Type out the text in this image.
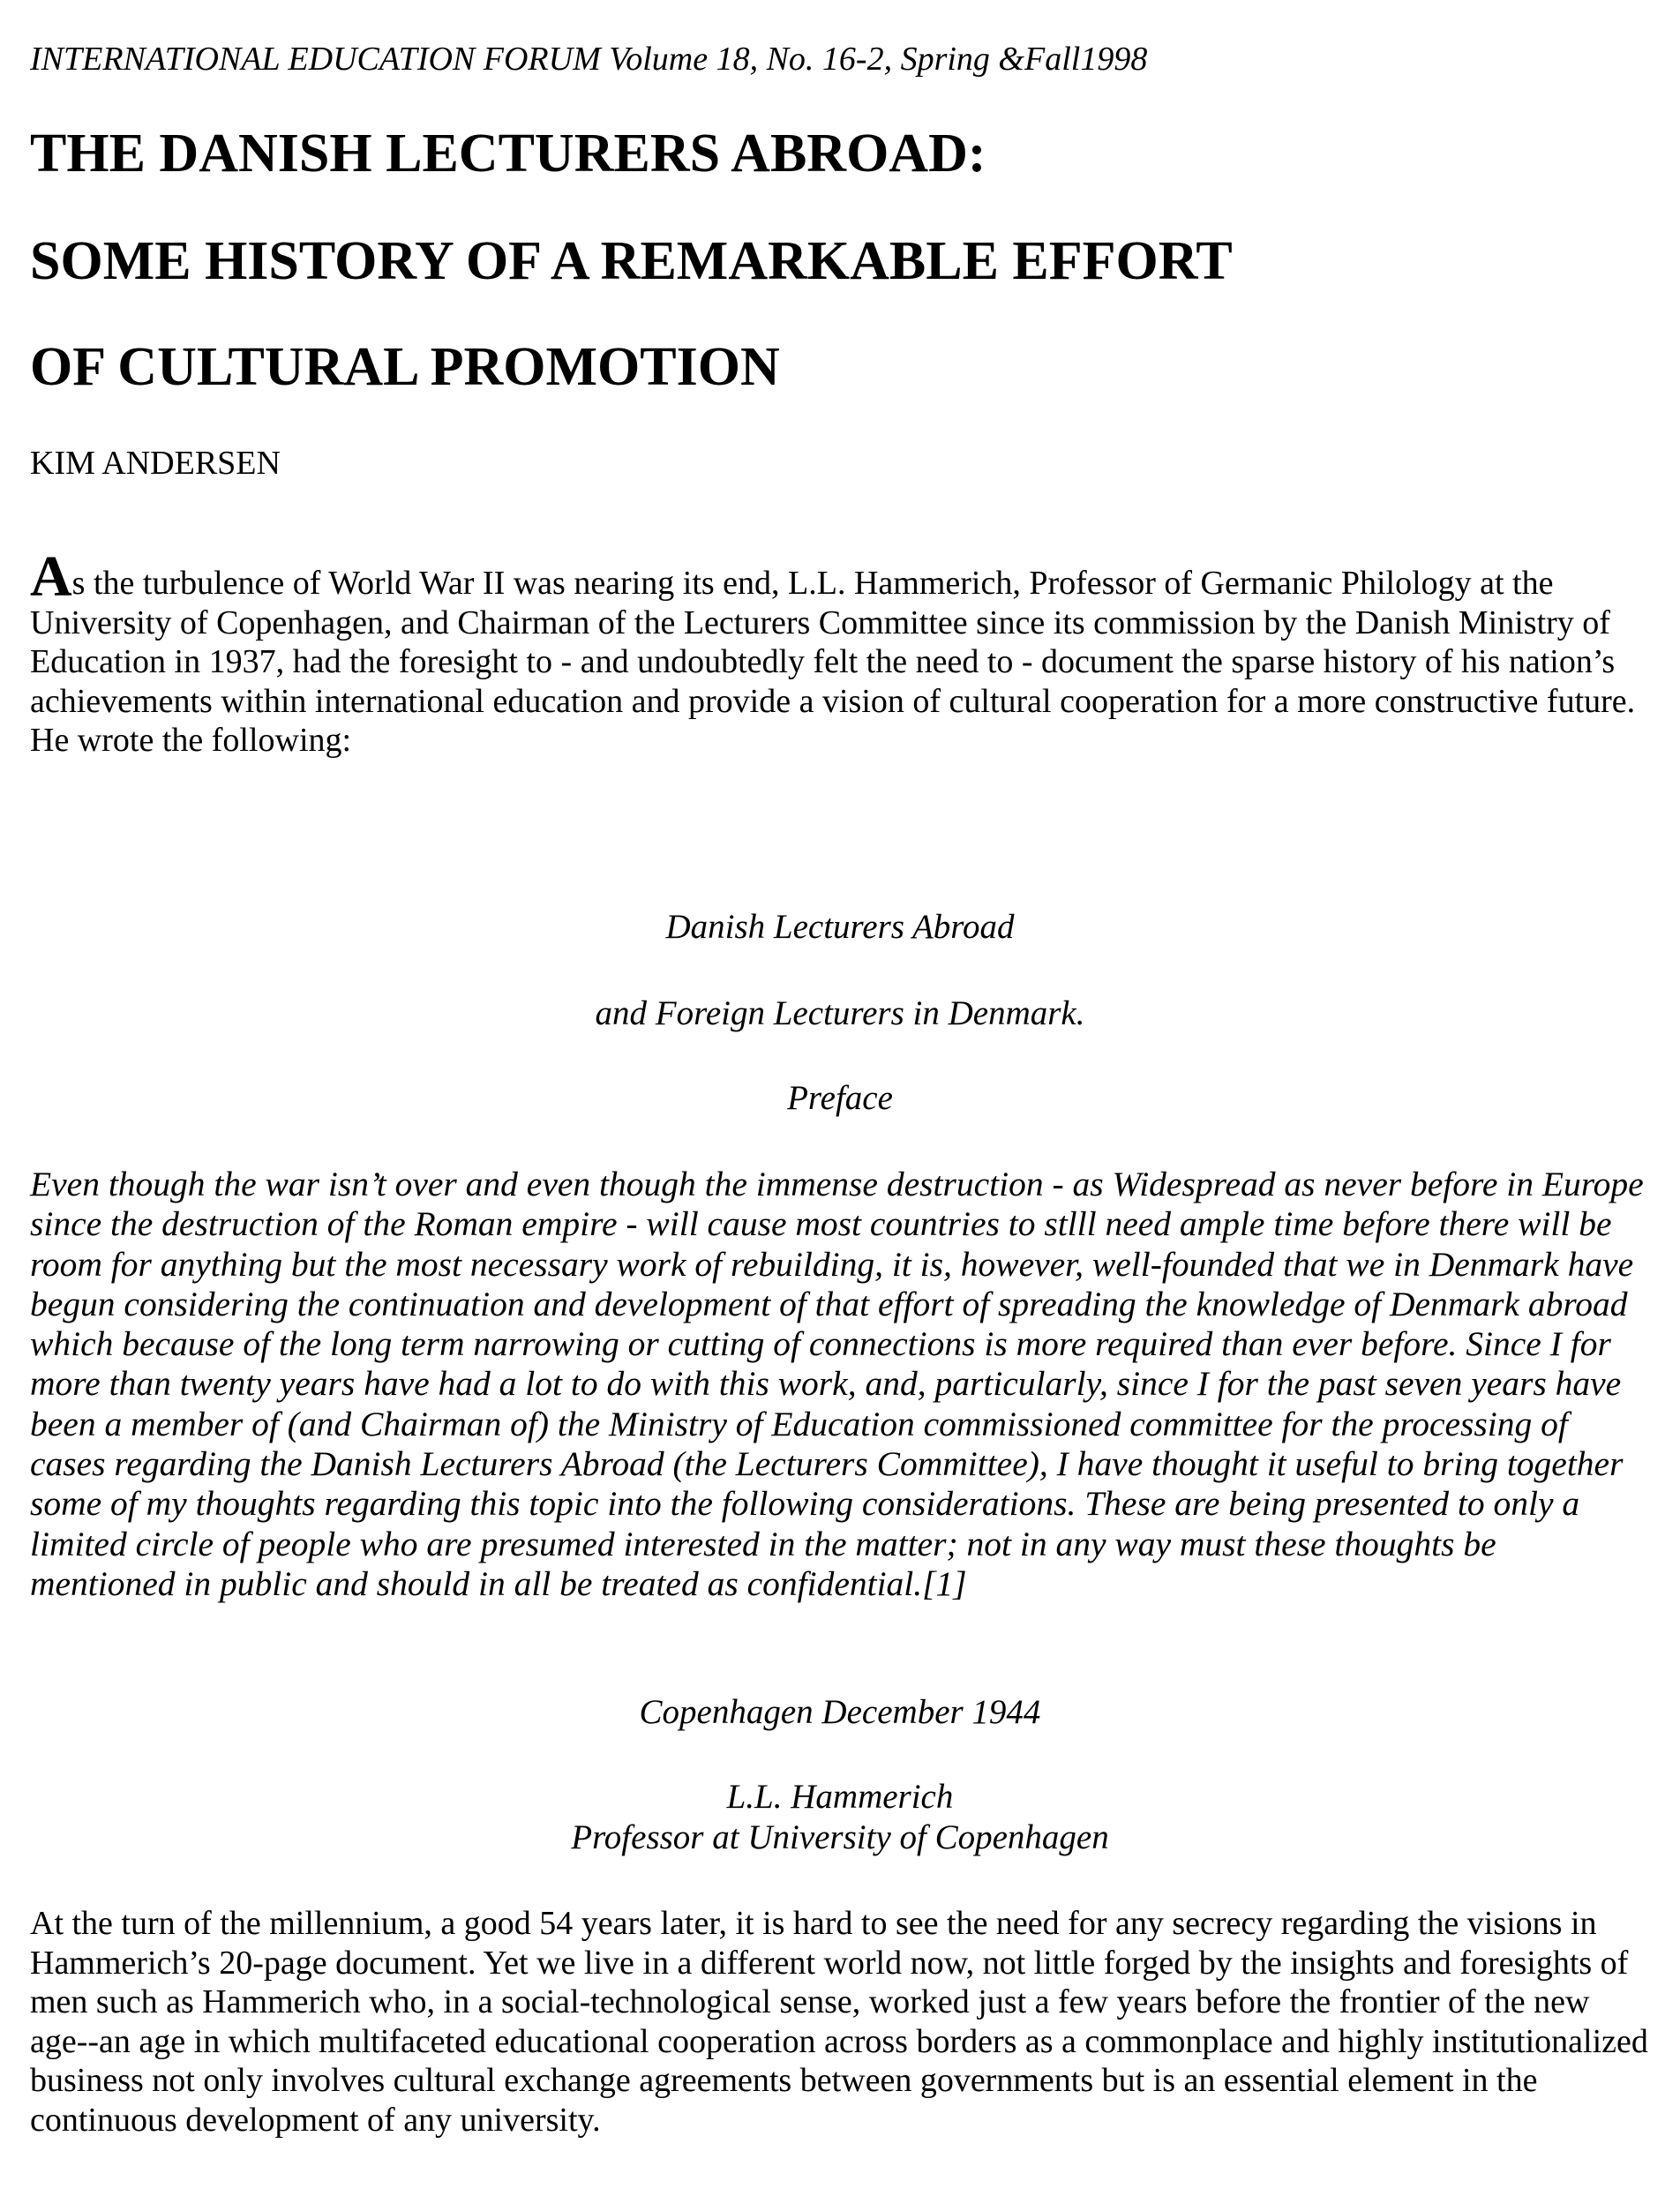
INTERNATIONAL EDUCATION FORUM Volume 18, No. 16-2, Spring &Fall1998
THE DANISH LECTURERS ABROAD:
SOME HISTORY OF A REMARKABLE EFFORT
OF CULTURAL PROMOTION
KIM ANDERSEN
As the turbulence of World War II was nearing its end, L.L. Hammerich, Professor of Germanic Philology at the University of Copenhagen, and Chairman of the Lecturers Committee since its commission by the Danish Ministry of Education in 1937, had the foresight to - and undoubtedly felt the need to - document the sparse history of his nation’s achievements within international education and provide a vision of cultural cooperation for a more constructive future. He wrote the following:
Danish Lecturers Abroad
and Foreign Lecturers in Denmark.
Preface
Even though the war isn’t over and even though the immense destruction - as Widespread as never before in Europe since the destruction of the Roman empire - will cause most countries to stlll need ample time before there will be room for anything but the most necessary work of rebuilding, it is, however, well-founded that we in Denmark have begun considering the continuation and development of that effort of spreading the knowledge of Denmark abroad which because of the long term narrowing or cutting of connections is more required than ever before. Since I for more than twenty years have had a lot to do with this work, and, particularly, since I for the past seven years have been a member of (and Chairman of) the Ministry of Education commissioned committee for the processing of cases regarding the Danish Lecturers Abroad (the Lecturers Committee), I have thought it useful to bring together some of my thoughts regarding this topic into the following considerations. These are being presented to only a limited circle of people who are presumed interested in the matter; not in any way must these thoughts be mentioned in public and should in all be treated as confidential.[1]
Copenhagen December 1944
L.L. Hammerich
Professor at University of Copenhagen
At the turn of the millennium, a good 54 years later, it is hard to see the need for any secrecy regarding the visions in Hammerich’s 20-page document. Yet we live in a different world now, not little forged by the insights and foresights of men such as Hammerich who, in a social-technological sense, worked just a few years before the frontier of the new age--an age in which multifaceted educational cooperation across borders as a commonplace and highly institutionalized business not only involves cultural exchange agreements between governments but is an essential element in the continuous development of any university.
